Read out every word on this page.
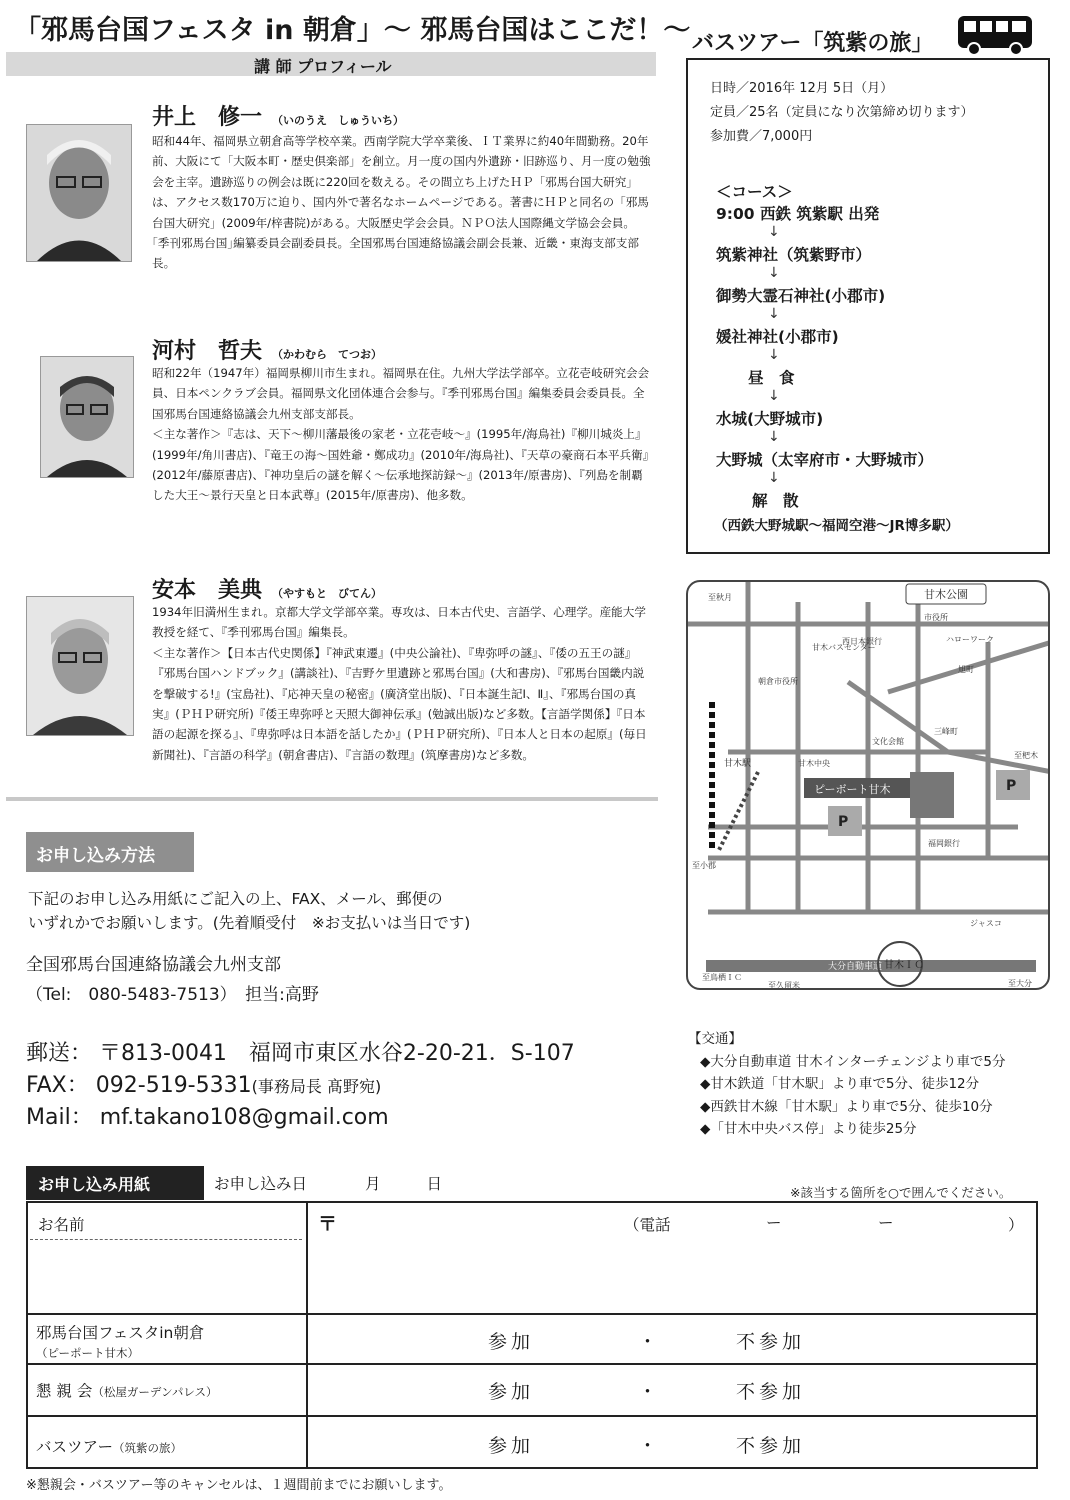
「邪馬台国フェスタ in 朝倉」～ 邪馬台国はここだ！～
講 師 プロフィール
井上　修一 （いのうえ　しゅういち）
昭和44年、福岡県立朝倉高等学校卒業。西南学院大学卒業後、ＩＴ業界に約40年間勤務。20年前、大阪にて「大阪本町・歴史倶楽部」を創立。月一度の国内外遺跡・旧跡巡り、月一度の勉強会を主宰。遺跡巡りの例会は既に220回を数える。その間立ち上げたＨＰ「邪馬台国大研究」は、アクセス数170万に迫り、国内外で著名なホームページである。著書にＨＰと同名の「邪馬台国大研究」(2009年/梓書院)がある。大阪歴史学会会員。ＮＰＯ法人国際縄文学協会会員。｢季刊邪馬台国｣編纂委員会副委員長。全国邪馬台国連絡協議会副会長兼、近畿・東海支部支部長。
河村　哲夫 （かわむら　てつお）
昭和22年（1947年）福岡県柳川市生まれ。福岡県在住。九州大学法学部卒。立花壱岐研究会会員、日本ペンクラブ会員。福岡県文化団体連合会参与。『季刊邪馬台国』編集委員会委員長。全国邪馬台国連絡協議会九州支部支部長。
＜主な著作＞『志は、天下～柳川藩最後の家老・立花壱岐～』(1995年/海鳥社)『柳川城炎上』(1999年/角川書店)、『竜王の海～国姓爺・鄭成功』(2010年/海鳥社)、『天草の豪商石本平兵衛』(2012年/藤原書店)、『神功皇后の謎を解く～伝承地探訪録～』(2013年/原書房)、『列島を制覇した大王～景行天皇と日本武尊』(2015年/原書房)、他多数。
安本　美典 （やすもと　びてん）
1934年旧満州生まれ。京都大学文学部卒業。専攻は、日本古代史、言語学、心理学。産能大学教授を経て、『季刊邪馬台国』編集長。
＜主な著作＞【日本古代史関係】『神武東遷』(中央公論社)、『卑弥呼の謎』、『倭の五王の謎』『邪馬台国ハンドブック』(講談社)、『吉野ケ里遺跡と邪馬台国』(大和書房)、『邪馬台国畿内説を撃破する!』(宝島社)、『応神天皇の秘密』(廣済堂出版)、『日本誕生記Ⅰ、Ⅱ』、『邪馬台国の真実』(ＰＨＰ研究所)『倭王卑弥呼と天照大御神伝承』(勉誠出版)など多数。【言語学関係】『日本語の起源を探る』、『卑弥呼は日本語を話したか』(ＰＨＰ研究所)、『日本人と日本の起原』(毎日新聞社)、『言語の科学』(朝倉書店)、『言語の数理』(筑摩書房)など多数。
バスツアー「筑紫の旅」
日時／2016年 12月 5日（月）
定員／25名（定員になり次第締め切ります）
参加費／7,000円
＜コース＞
9:00 西鉄 筑紫駅 出発
↓
筑紫神社（筑紫野市）
↓
御勢大霊石神社(小郡市)
↓
媛社神社(小郡市)
↓
昼　食
↓
水城(大野城市)
↓
大野城（太宰府市・大野城市）
↓
解　散
（西鉄大野城駅～福岡空港～JR博多駅）
大分自動車道 甘木ＩＣ
甘木公園
ピーボート甘木
P
P
甘木駅
市役所
ハローワーク
甘木バスセンター
西日本銀行
朝倉市役所
文化会館
三峰町
甘木中央
旭町
福岡銀行
ジャスコ
至大分
至久留米
至鳥栖ＩＣ
至小郡
至秋月
至杷木
【交通】
◆大分自動車道 甘木インターチェンジより車で5分
◆甘木鉄道「甘木駅」より車で5分、徒歩12分
◆西鉄甘木線「甘木駅」より車で5分、徒歩10分
◆「甘木中央バス停」より徒歩25分
お申し込み方法
下記のお申し込み用紙にご記入の上、FAX、メール、郵便の
いずれかでお願いします。(先着順受付　※お支払いは当日です)
全国邪馬台国連絡協議会九州支部
（Tel:　080-5483-7513）　担当:高野
郵送： 〒813-0041　福岡市東区水谷2-20-21．S-107
FAX： 092-519-5331(事務局長 髙野宛)
Mail： mf.takano108@gmail.com
お申し込み用紙	お申し込み日	月	日	※該当する箇所を○で囲んでください。
お名前	〒	（電話	ー	ー	）
邪馬台国フェスタin朝倉
（ピーポート甘木）	参加	・	不参加
懇 親 会（松屋ガーデンパレス）	参加	・	不参加
バスツアー（筑紫の旅）	参加	・	不参加
※懇親会・バスツアー等のキャンセルは、１週間前までにお願いします。
